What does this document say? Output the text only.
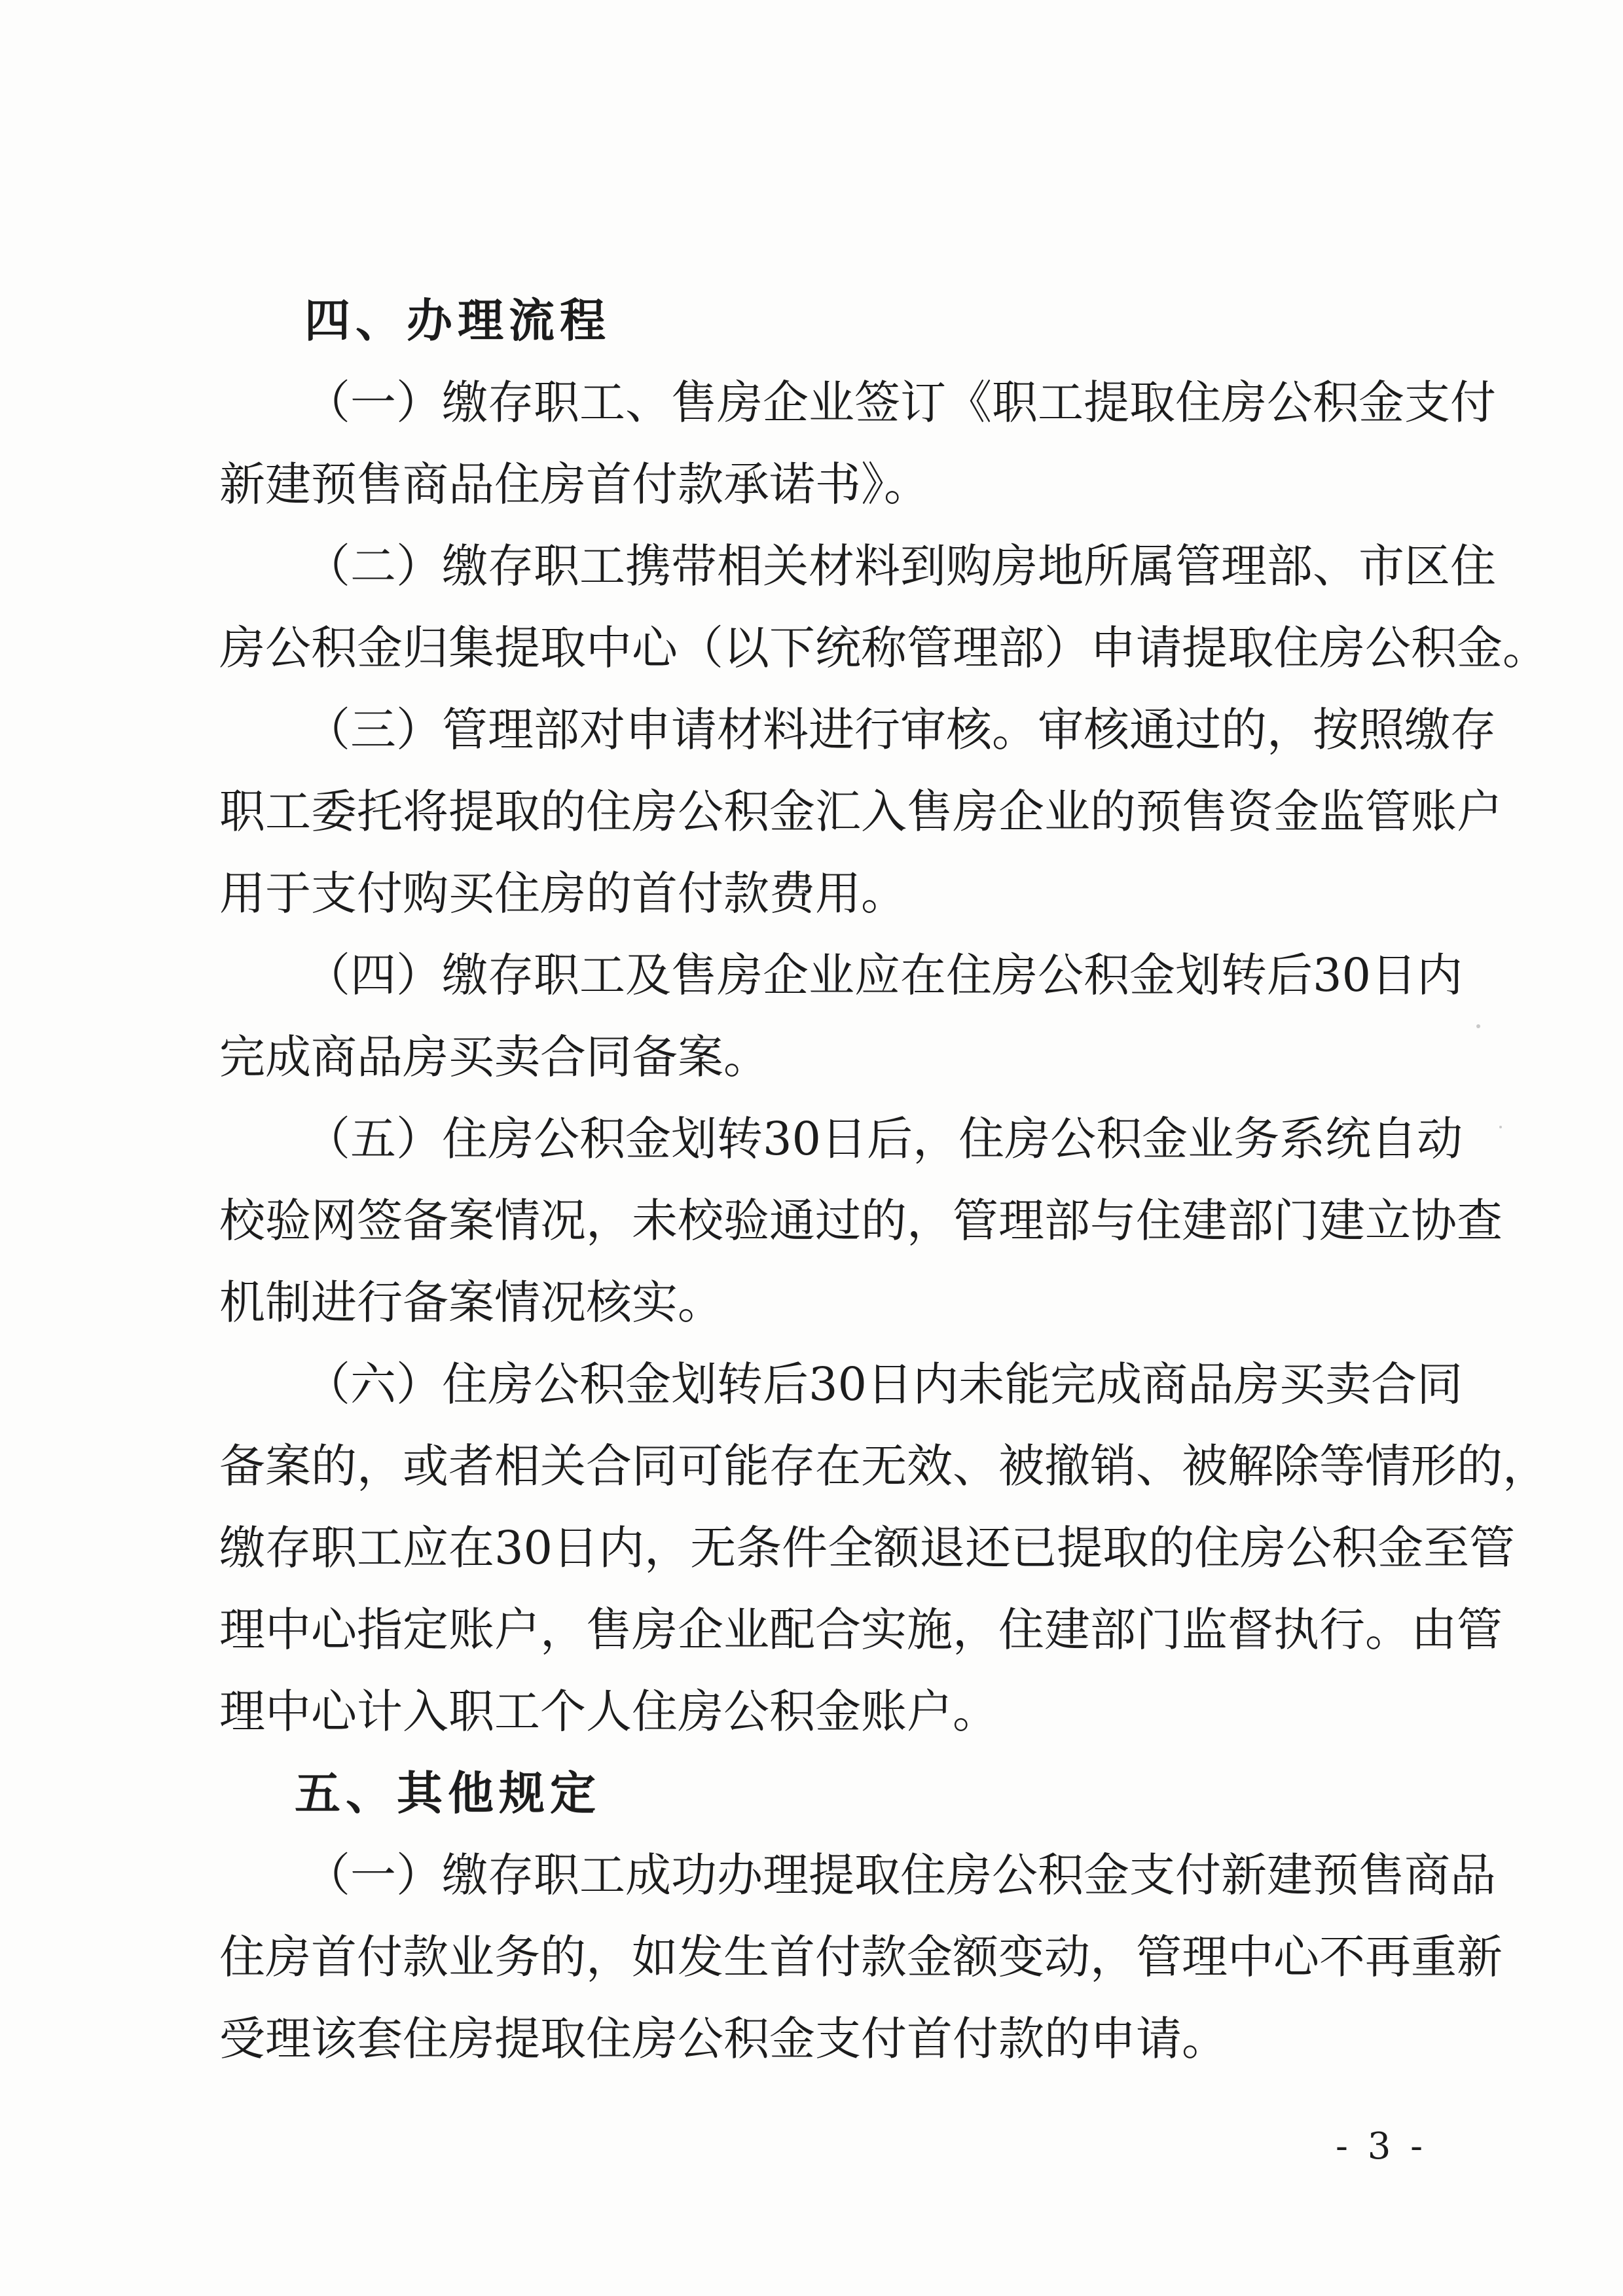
四、办理流程
（一）缴存职工、售房企业签订《职工提取住房公积金支付
新建预售商品住房首付款承诺书》。
（二）缴存职工携带相关材料到购房地所属管理部、市区住
房公积金归集提取中心（以下统称管理部）申请提取住房公积金。
（三）管理部对申请材料进行审核。审核通过的，按照缴存
职工委托将提取的住房公积金汇入售房企业的预售资金监管账户
用于支付购买住房的首付款费用。
（四）缴存职工及售房企业应在住房公积金划转后30日内
完成商品房买卖合同备案。
（五）住房公积金划转30日后，住房公积金业务系统自动
校验网签备案情况，未校验通过的，管理部与住建部门建立协查
机制进行备案情况核实。
（六）住房公积金划转后30日内未能完成商品房买卖合同
备案的，或者相关合同可能存在无效、被撤销、被解除等情形的，
缴存职工应在30日内，无条件全额退还已提取的住房公积金至管
理中心指定账户，售房企业配合实施，住建部门监督执行。由管
理中心计入职工个人住房公积金账户。
五、其他规定
（一）缴存职工成功办理提取住房公积金支付新建预售商品
住房首付款业务的，如发生首付款金额变动，管理中心不再重新
受理该套住房提取住房公积金支付首付款的申请。
- 3 -
